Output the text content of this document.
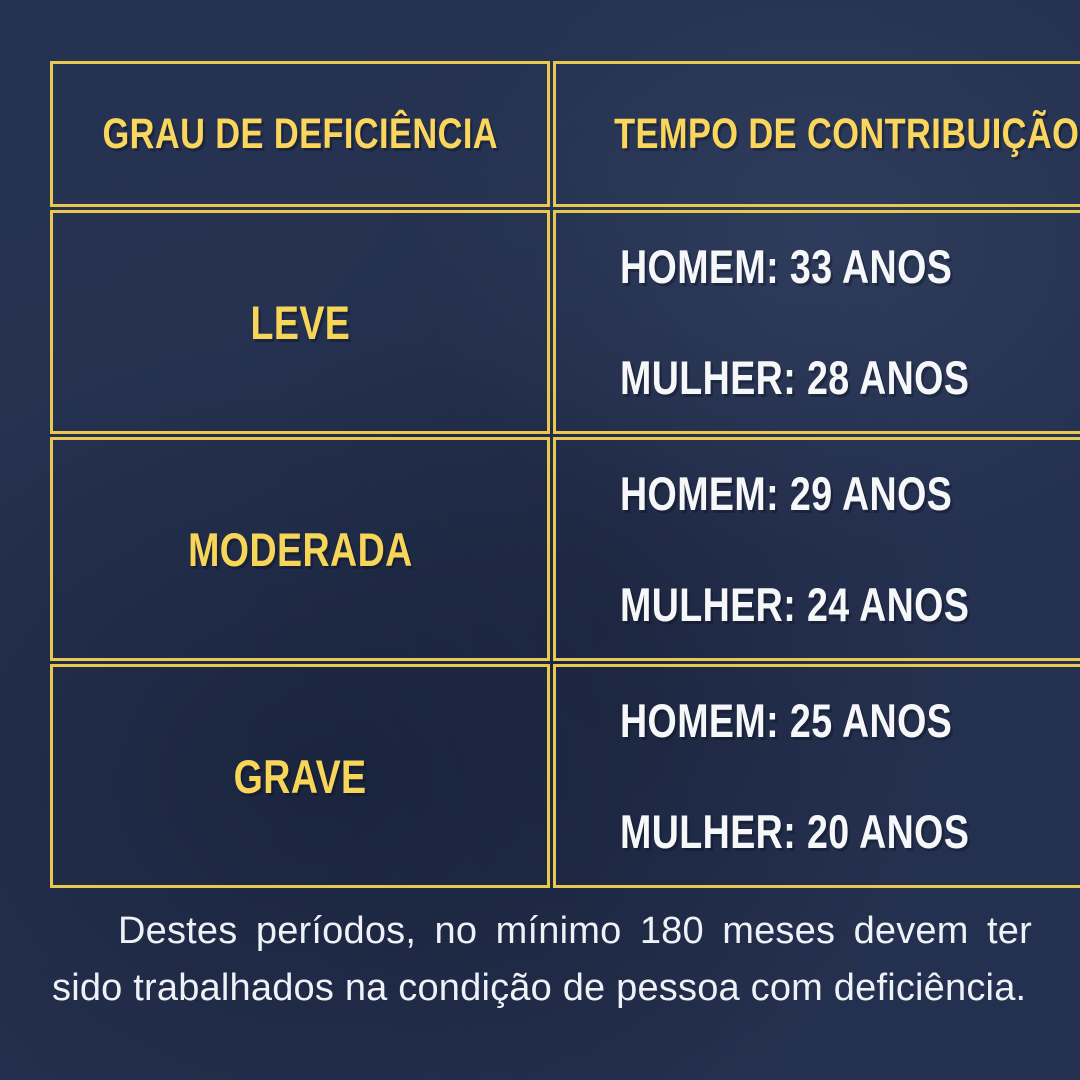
GRAU DE DEFICIÊNCIA	TEMPO DE CONTRIBUIÇÃO
LEVE
HOMEM: 33 ANOS
MULHER: 28 ANOS
MODERADA
HOMEM: 29 ANOS
MULHER: 24 ANOS
GRAVE
HOMEM: 25 ANOS
MULHER: 20 ANOS

Destes períodos, no mínimo 180 meses devem ter sido trabalhados na condição de pessoa com deficiência.
